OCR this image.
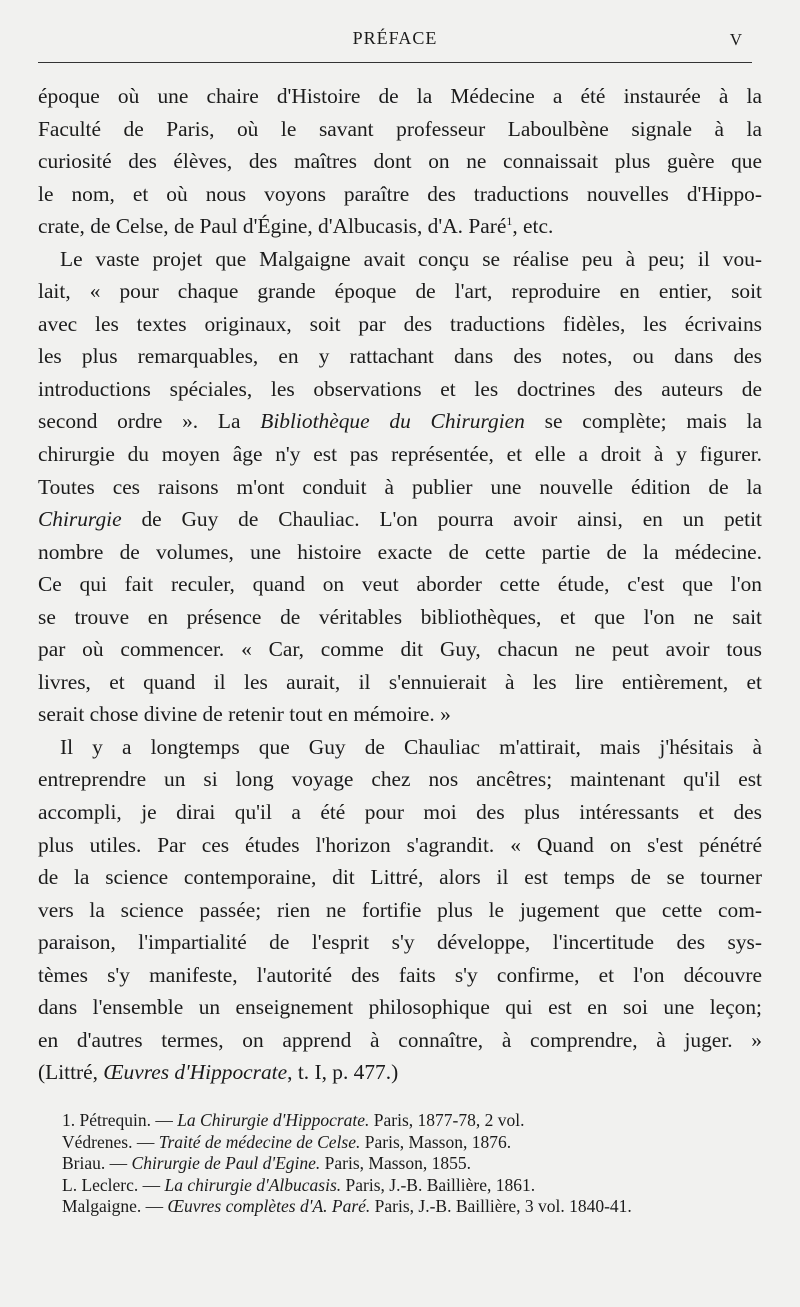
PRÉFACE	V
époque où une chaire d'Histoire de la Médecine a été instaurée à la
Faculté de Paris, où le savant professeur Laboulbène signale à la
curiosité des élèves, des maîtres dont on ne connaissait plus guère que
le nom, et où nous voyons paraître des traductions nouvelles d'Hippo-
crate, de Celse, de Paul d'Égine, d'Albucasis, d'A. Paré$^1$, etc.
Le vaste projet que Malgaigne avait conçu se réalise peu à peu; il vou-
lait, « pour chaque grande époque de l'art, reproduire en entier, soit
avec les textes originaux, soit par des traductions fidèles, les écrivains
les plus remarquables, en y rattachant dans des notes, ou dans des
introductions spéciales, les observations et les doctrines des auteurs de
second ordre ». La Bibliothèque du Chirurgien se complète; mais la
chirurgie du moyen âge n'y est pas représentée, et elle a droit à y figurer.
Toutes ces raisons m'ont conduit à publier une nouvelle édition de la
Chirurgie de Guy de Chauliac. L'on pourra avoir ainsi, en un petit
nombre de volumes, une histoire exacte de cette partie de la médecine.
Ce qui fait reculer, quand on veut aborder cette étude, c'est que l'on
se trouve en présence de véritables bibliothèques, et que l'on ne sait
par où commencer. « Car, comme dit Guy, chacun ne peut avoir tous
livres, et quand il les aurait, il s'ennuierait à les lire entièrement, et
serait chose divine de retenir tout en mémoire. »
Il y a longtemps que Guy de Chauliac m'attirait, mais j'hésitais à
entreprendre un si long voyage chez nos ancêtres; maintenant qu'il est
accompli, je dirai qu'il a été pour moi des plus intéressants et des
plus utiles. Par ces études l'horizon s'agrandit. « Quand on s'est pénétré
de la science contemporaine, dit Littré, alors il est temps de se tourner
vers la science passée; rien ne fortifie plus le jugement que cette com-
paraison, l'impartialité de l'esprit s'y développe, l'incertitude des sys-
tèmes s'y manifeste, l'autorité des faits s'y confirme, et l'on découvre
dans l'ensemble un enseignement philosophique qui est en soi une leçon;
en d'autres termes, on apprend à connaître, à comprendre, à juger. »
(Littré, Œuvres d'Hippocrate, t. I, p. 477.)
1. Pétrequin. — La Chirurgie d'Hippocrate. Paris, 1877-78, 2 vol.
Védrenes. — Traité de médecine de Celse. Paris, Masson, 1876.
Briau. — Chirurgie de Paul d'Egine. Paris, Masson, 1855.
L. Leclerc. — La chirurgie d'Albucasis. Paris, J.-B. Baillière, 1861.
Malgaigne. — Œuvres complètes d'A. Paré. Paris, J.-B. Baillière, 3 vol. 1840-41.
